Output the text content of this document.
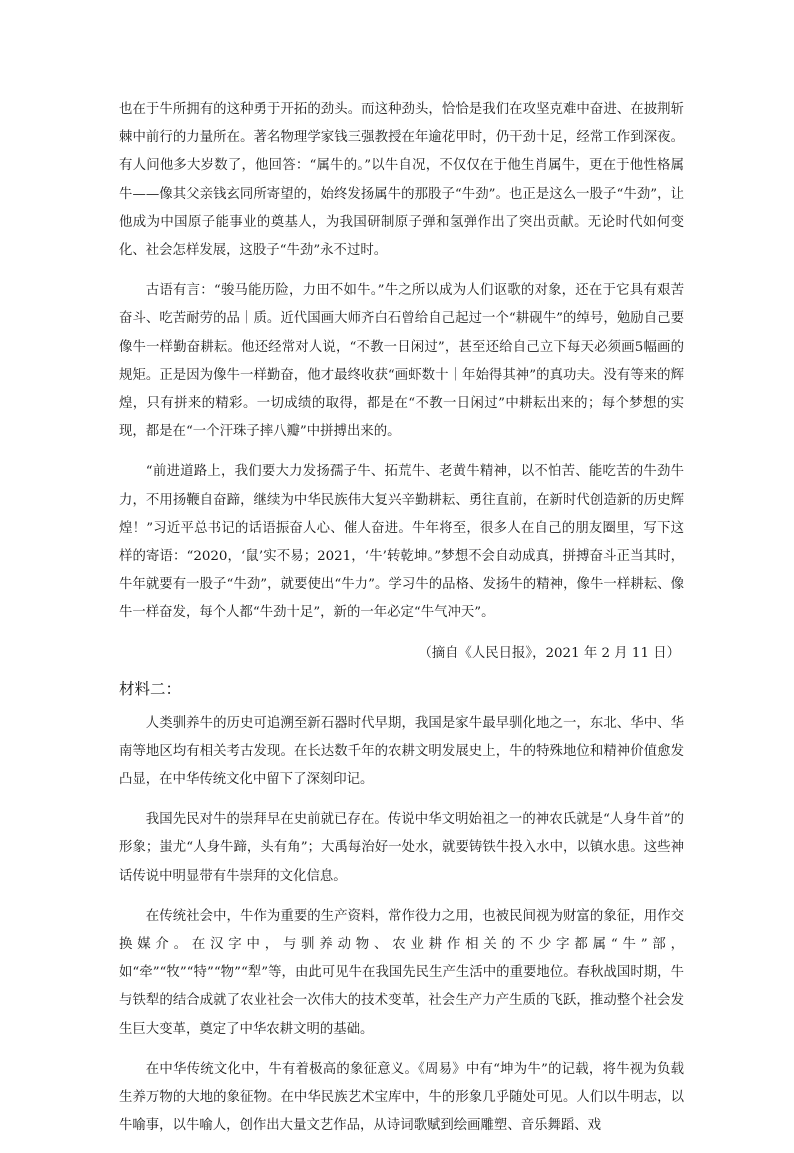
也在于牛所拥有的这种勇于开拓的劲头。而这种劲头，恰恰是我们在攻坚克难中奋进、在披荆斩棘中前行的力量所在。著名物理学家钱三强教授在年逾花甲时，仍干劲十足，经常工作到深夜。有人问他多大岁数了，他回答：“属牛的。”以牛自况，不仅仅在于他生肖属牛，更在于他性格属牛——像其父亲钱玄同所寄望的，始终发扬属牛的那股子“牛劲”。也正是这么一股子“牛劲”，让他成为中国原子能事业的奠基人，为我国研制原子弹和氢弹作出了突出贡献。无论时代如何变化、社会怎样发展，这股子“牛劲”永不过时。

古语有言：“骏马能历险，力田不如牛。”牛之所以成为人们讴歌的对象，还在于它具有艰苦奋斗、吃苦耐劳的品｜质。近代国画大师齐白石曾给自己起过一个“耕砚牛”的绰号，勉励自己要像牛一样勤奋耕耘。他还经常对人说，“不教一日闲过”，甚至还给自己立下每天必须画5幅画的规矩。正是因为像牛一样勤奋，他才最终收获“画虾数十｜年始得其神”的真功夫。没有等来的辉煌，只有拼来的精彩。一切成绩的取得，都是在“不教一日闲过”中耕耘出来的；每个梦想的实现，都是在“一个汗珠子摔八瓣”中拼搏出来的。

“前进道路上，我们要大力发扬孺子牛、拓荒牛、老黄牛精神，以不怕苦、能吃苦的牛劲牛力，不用扬鞭自奋蹄，继续为中华民族伟大复兴辛勤耕耘、勇往直前，在新时代创造新的历史辉煌！”习近平总书记的话语振奋人心、催人奋进。牛年将至，很多人在自己的朋友圈里，写下这样的寄语：“2020，‘鼠’实不易；2021，‘牛’转乾坤。”梦想不会自动成真，拼搏奋斗正当其时，牛年就要有一股子“牛劲”，就要使出“牛力”。学习牛的品格、发扬牛的精神，像牛一样耕耘、像牛一样奋发，每个人都“牛劲十足”，新的一年必定“牛气冲天”。

（摘自《人民日报》，2021 年 2 月 11 日）
材料二：

人类驯养牛的历史可追溯至新石器时代早期，我国是家牛最早驯化地之一，东北、华中、华南等地区均有相关考古发现。在长达数千年的农耕文明发展史上，牛的特殊地位和精神价值愈发凸显，在中华传统文化中留下了深刻印记。

我国先民对牛的崇拜早在史前就已存在。传说中华文明始祖之一的神农氏就是“人身牛首”的形象；蚩尤“人身牛蹄，头有角”；大禹每治好一处水，就要铸铁牛投入水中，以镇水患。这些神话传说中明显带有牛崇拜的文化信息。

在传统社会中，牛作为重要的生产资料，常作役力之用，也被民间视为财富的象征，用作交换媒介。在汉字中，与驯养动物、农业耕作相关的不少字都属“牛”部，如“牵”“牧”“特”“物”“犁”等，由此可见牛在我国先民生产生活中的重要地位。春秋战国时期，牛与铁犁的结合成就了农业社会一次伟大的技术变革，社会生产力产生质的飞跃，推动整个社会发生巨大变革，奠定了中华农耕文明的基础。

在中华传统文化中，牛有着极高的象征意义。《周易》中有“坤为牛”的记载，将牛视为负载生养万物的大地的象征物。在中华民族艺术宝库中，牛的形象几乎随处可见。人们以牛明志，以牛喻事，以牛喻人，创作出大量文艺作品，从诗词歌赋到绘画雕塑、音乐舞蹈、戏
